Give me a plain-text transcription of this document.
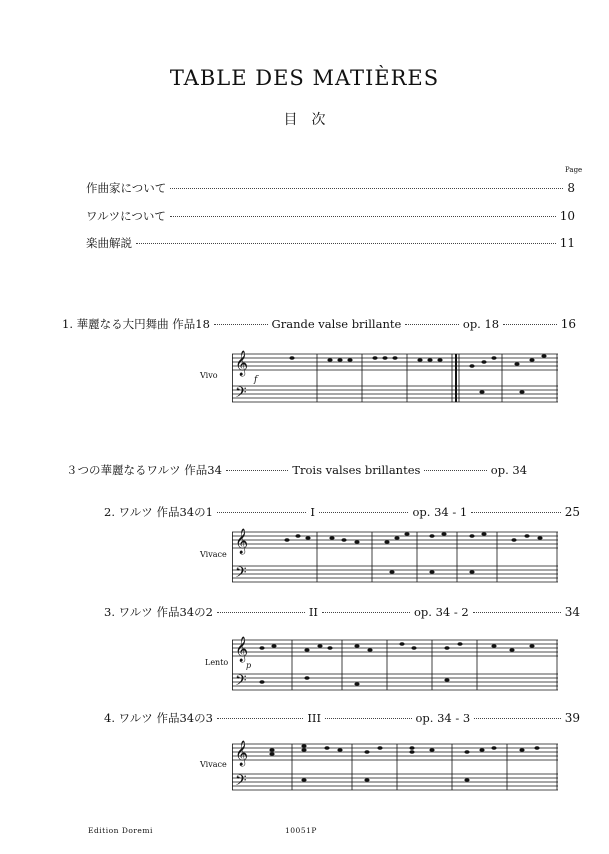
TABLE DES MATIÈRES
目次
Page
作曲家について	8
ワルツについて	10
楽曲解説	11
1. 華麗なる大円舞曲 作品18	Grande valse brillante	op. 18	16
Vivo 𝄞
𝄢
f
３つの華麗なるワルツ 作品34	Trois valses brillantes	op. 34
2. ワルツ 作品34の1	I	op. 34 - 1	25
Vivace
𝄞
𝄢
3. ワルツ 作品34の2	II	op. 34 - 2	34
Lento
𝄞
𝄢
p
4. ワルツ 作品34の3	III	op. 34 - 3	39
Vivace 𝄞
𝄢
Edition Doremi	10051P
